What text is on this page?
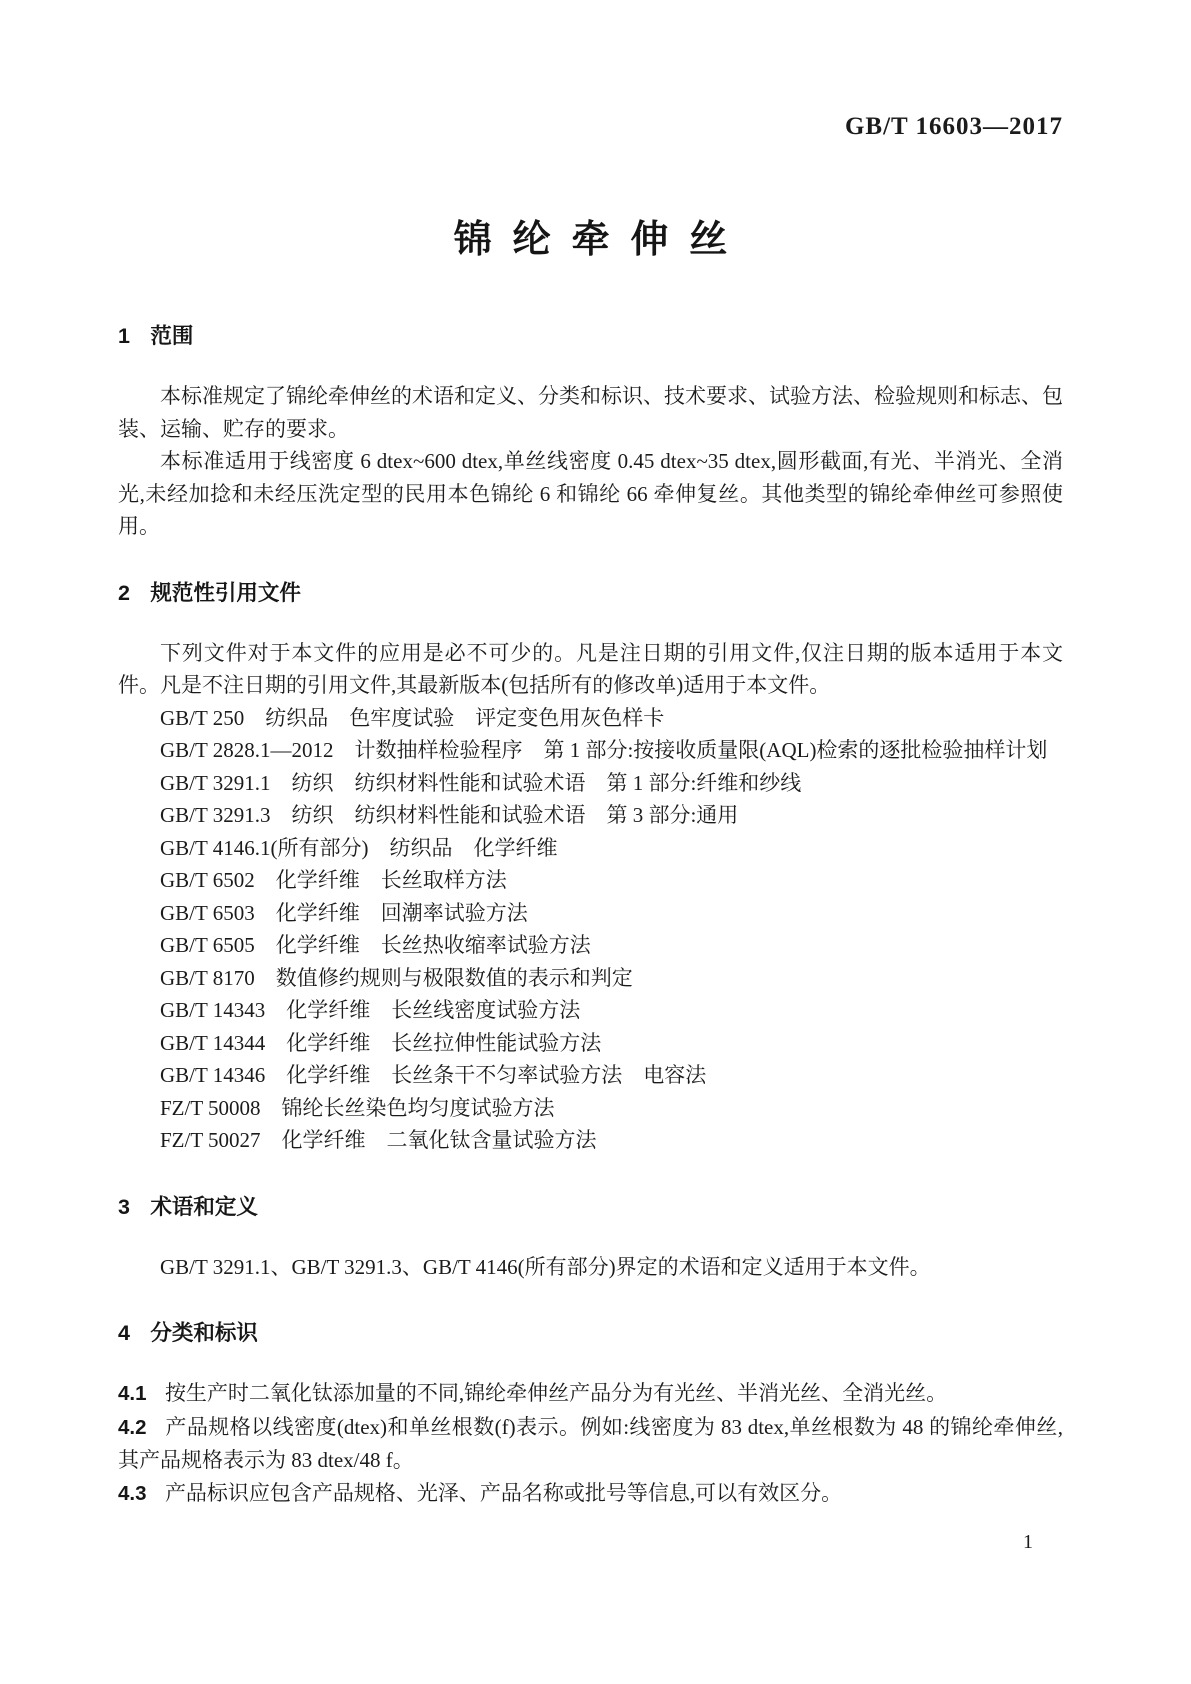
GB/T 16603—2017
锦纶牵伸丝
1 范围

本标准规定了锦纶牵伸丝的术语和定义、分类和标识、技术要求、试验方法、检验规则和标志、包装、运输、贮存的要求。

本标准适用于线密度 6 dtex~600 dtex,单丝线密度 0.45 dtex~35 dtex,圆形截面,有光、半消光、全消光,未经加捻和未经压洗定型的民用本色锦纶 6 和锦纶 66 牵伸复丝。其他类型的锦纶牵伸丝可参照使用。

2 规范性引用文件

下列文件对于本文件的应用是必不可少的。凡是注日期的引用文件,仅注日期的版本适用于本文件。凡是不注日期的引用文件,其最新版本(包括所有的修改单)适用于本文件。

GB/T 250　纺织品　色牢度试验　评定变色用灰色样卡

GB/T 2828.1—2012　计数抽样检验程序　第 1 部分:按接收质量限(AQL)检索的逐批检验抽样计划

GB/T 3291.1　纺织　纺织材料性能和试验术语　第 1 部分:纤维和纱线

GB/T 3291.3　纺织　纺织材料性能和试验术语　第 3 部分:通用

GB/T 4146.1(所有部分)　纺织品　化学纤维

GB/T 6502　化学纤维　长丝取样方法

GB/T 6503　化学纤维　回潮率试验方法

GB/T 6505　化学纤维　长丝热收缩率试验方法

GB/T 8170　数值修约规则与极限数值的表示和判定

GB/T 14343　化学纤维　长丝线密度试验方法

GB/T 14344　化学纤维　长丝拉伸性能试验方法

GB/T 14346　化学纤维　长丝条干不匀率试验方法　电容法

FZ/T 50008　锦纶长丝染色均匀度试验方法

FZ/T 50027　化学纤维　二氧化钛含量试验方法

3 术语和定义

GB/T 3291.1、GB/T 3291.3、GB/T 4146(所有部分)界定的术语和定义适用于本文件。

4 分类和标识

4.1 按生产时二氧化钛添加量的不同,锦纶牵伸丝产品分为有光丝、半消光丝、全消光丝。

4.2 产品规格以线密度(dtex)和单丝根数(f)表示。例如:线密度为 83 dtex,单丝根数为 48 的锦纶牵伸丝,其产品规格表示为 83 dtex/48 f。

4.3 产品标识应包含产品规格、光泽、产品名称或批号等信息,可以有效区分。

1
